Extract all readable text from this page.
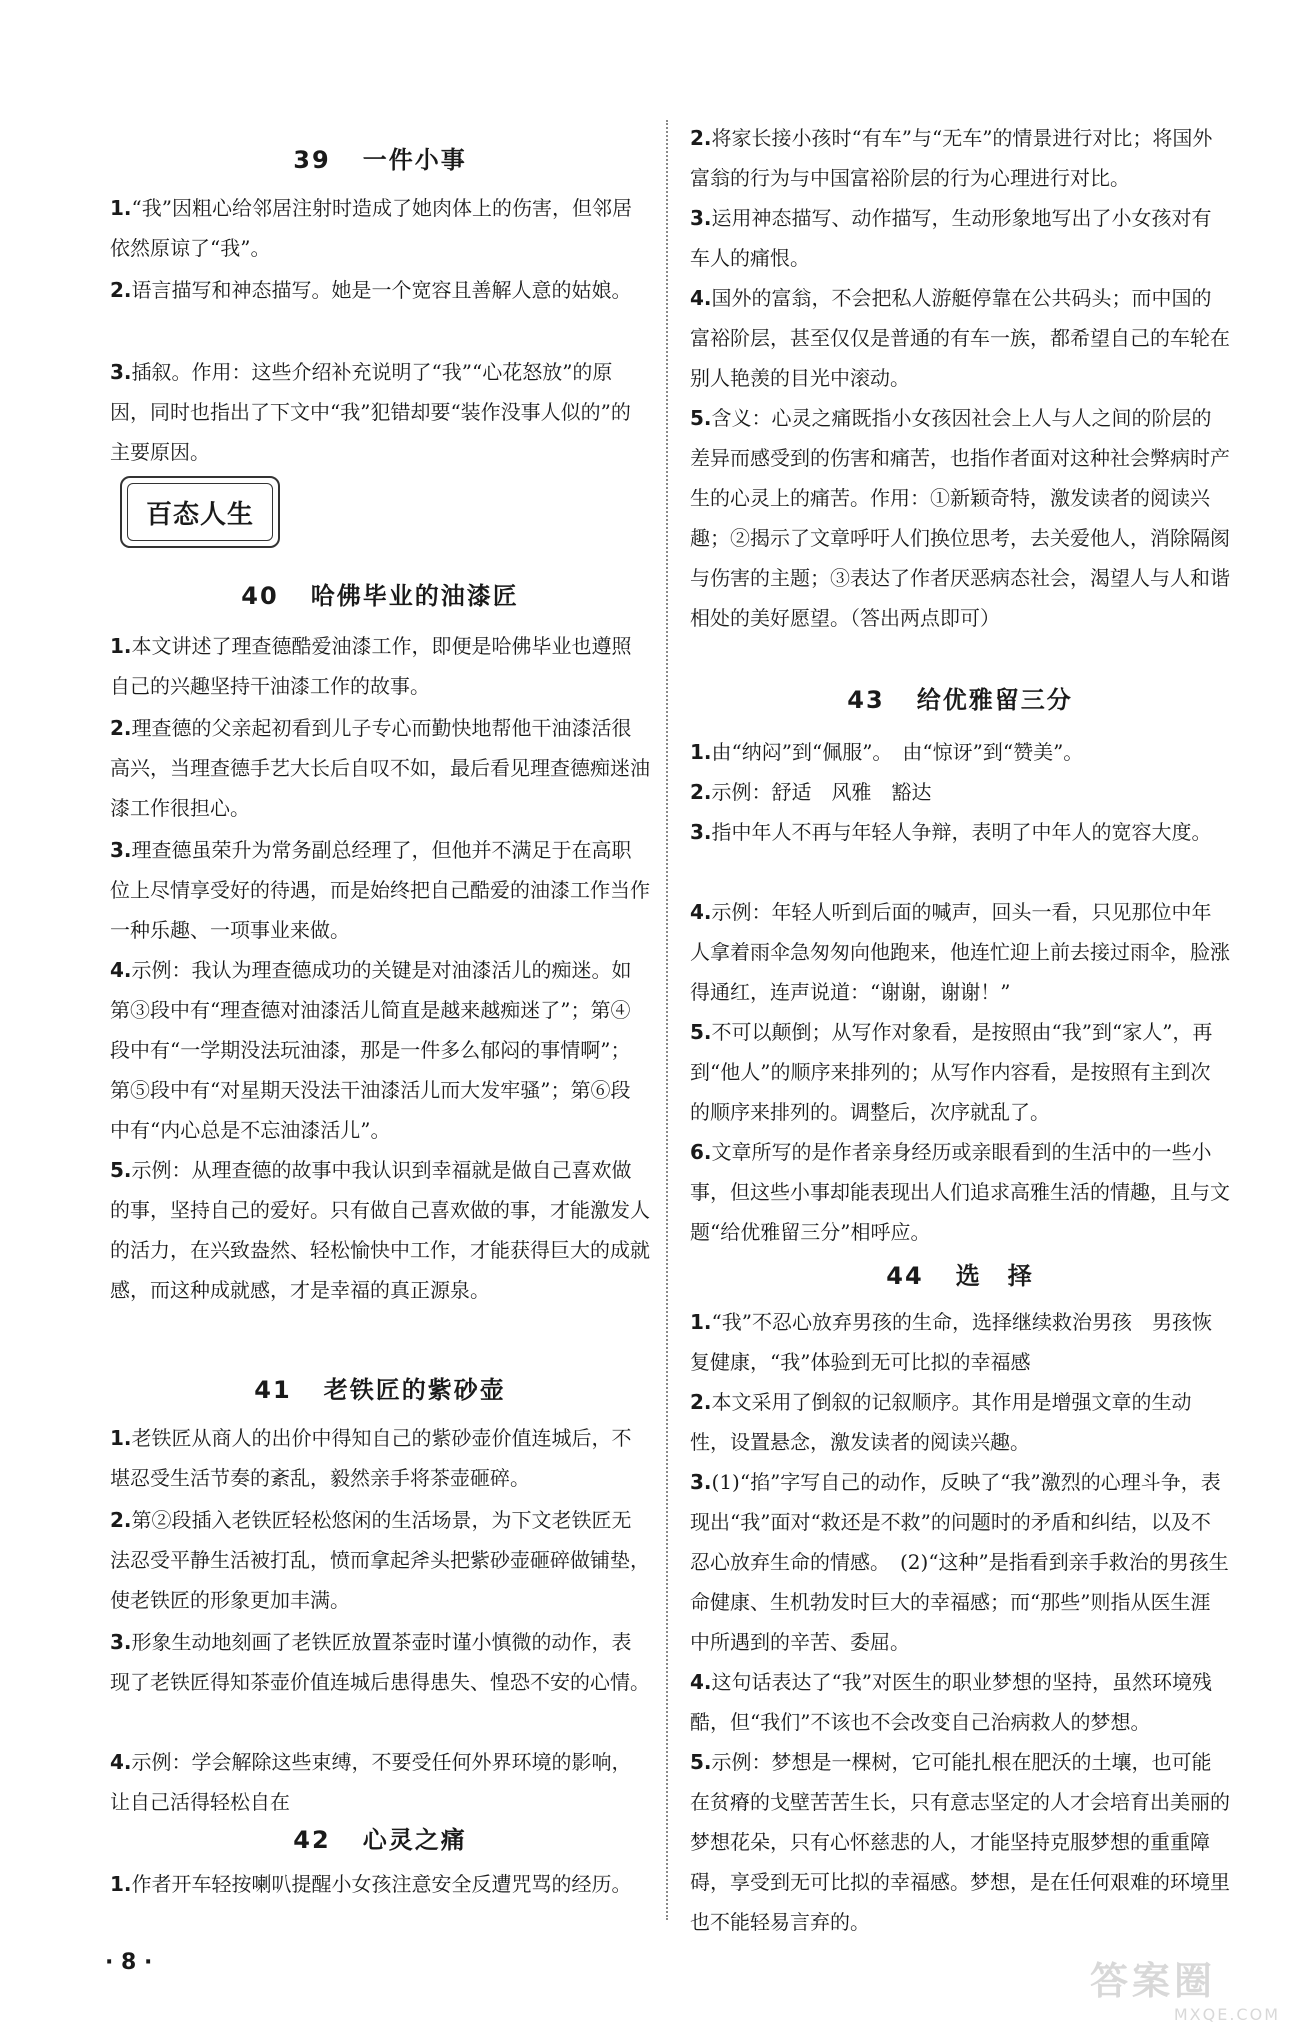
39 一件小事
1.“我”因粗心给邻居注射时造成了她肉体上的伤害，但邻居依然原谅了“我”。
2.语言描写和神态描写。她是一个宽容且善解人意的姑娘。
3.插叙。作用：这些介绍补充说明了“我”“心花怒放”的原因，同时也指出了下文中“我”犯错却要“装作没事人似的”的主要原因。
百态人生
40 哈佛毕业的油漆匠
1.本文讲述了理查德酷爱油漆工作，即便是哈佛毕业也遵照自己的兴趣坚持干油漆工作的故事。
2.理查德的父亲起初看到儿子专心而勤快地帮他干油漆活很高兴，当理查德手艺大长后自叹不如，最后看见理查德痴迷油漆工作很担心。
3.理查德虽荣升为常务副总经理了，但他并不满足于在高职位上尽情享受好的待遇，而是始终把自己酷爱的油漆工作当作一种乐趣、一项事业来做。
4.示例：我认为理查德成功的关键是对油漆活儿的痴迷。如第③段中有“理查德对油漆活儿简直是越来越痴迷了”；第④段中有“一学期没法玩油漆，那是一件多么郁闷的事情啊”；第⑤段中有“对星期天没法干油漆活儿而大发牢骚”；第⑥段中有“内心总是不忘油漆活儿”。
5.示例：从理查德的故事中我认识到幸福就是做自己喜欢做的事，坚持自己的爱好。只有做自己喜欢做的事，才能激发人的活力，在兴致盎然、轻松愉快中工作，才能获得巨大的成就感，而这种成就感，才是幸福的真正源泉。
41 老铁匠的紫砂壶
1.老铁匠从商人的出价中得知自己的紫砂壶价值连城后，不堪忍受生活节奏的紊乱，毅然亲手将茶壶砸碎。
2.第②段插入老铁匠轻松悠闲的生活场景，为下文老铁匠无法忍受平静生活被打乱，愤而拿起斧头把紫砂壶砸碎做铺垫，使老铁匠的形象更加丰满。
3.形象生动地刻画了老铁匠放置茶壶时谨小慎微的动作，表现了老铁匠得知茶壶价值连城后患得患失、惶恐不安的心情。
4.示例：学会解除这些束缚，不要受任何外界环境的影响，让自己活得轻松自在
42 心灵之痛
1.作者开车轻按喇叭提醒小女孩注意安全反遭咒骂的经历。
· 8 ·
2.将家长接小孩时“有车”与“无车”的情景进行对比；将国外富翁的行为与中国富裕阶层的行为心理进行对比。
3.运用神态描写、动作描写，生动形象地写出了小女孩对有车人的痛恨。
4.国外的富翁，不会把私人游艇停靠在公共码头；而中国的富裕阶层，甚至仅仅是普通的有车一族，都希望自己的车轮在别人艳羡的目光中滚动。
5.含义：心灵之痛既指小女孩因社会上人与人之间的阶层的差异而感受到的伤害和痛苦，也指作者面对这种社会弊病时产生的心灵上的痛苦。作用：①新颖奇特，激发读者的阅读兴趣；②揭示了文章呼吁人们换位思考，去关爱他人，消除隔阂与伤害的主题；③表达了作者厌恶病态社会，渴望人与人和谐相处的美好愿望。（答出两点即可）
43 给优雅留三分
1.由“纳闷”到“佩服”。　由“惊讶”到“赞美”。
2.示例：舒适　风雅　豁达
3.指中年人不再与年轻人争辩，表明了中年人的宽容大度。
4.示例：年轻人听到后面的喊声，回头一看，只见那位中年人拿着雨伞急匆匆向他跑来，他连忙迎上前去接过雨伞，脸涨得通红，连声说道：“谢谢，谢谢！”
5.不可以颠倒；从写作对象看，是按照由“我”到“家人”，再到“他人”的顺序来排列的；从写作内容看，是按照有主到次的顺序来排列的。调整后，次序就乱了。
6.文章所写的是作者亲身经历或亲眼看到的生活中的一些小事，但这些小事却能表现出人们追求高雅生活的情趣，且与文题“给优雅留三分”相呼应。
44 选　择
1.“我”不忍心放弃男孩的生命，选择继续救治男孩　男孩恢复健康，“我”体验到无可比拟的幸福感
2.本文采用了倒叙的记叙顺序。其作用是增强文章的生动性，设置悬念，激发读者的阅读兴趣。
3.(1)“掐”字写自己的动作，反映了“我”激烈的心理斗争，表现出“我”面对“救还是不救”的问题时的矛盾和纠结，以及不忍心放弃生命的情感。　(2)“这种”是指看到亲手救治的男孩生命健康、生机勃发时巨大的幸福感；而“那些”则指从医生涯中所遇到的辛苦、委屈。
4.这句话表达了“我”对医生的职业梦想的坚持，虽然环境残酷，但“我们”不该也不会改变自己治病救人的梦想。
5.示例：梦想是一棵树，它可能扎根在肥沃的土壤，也可能在贫瘠的戈壁苦苦生长，只有意志坚定的人才会培育出美丽的梦想花朵，只有心怀慈悲的人，才能坚持克服梦想的重重障碍，享受到无可比拟的幸福感。梦想，是在任何艰难的环境里也不能轻易言弃的。
答案圈
MXQE.COM
